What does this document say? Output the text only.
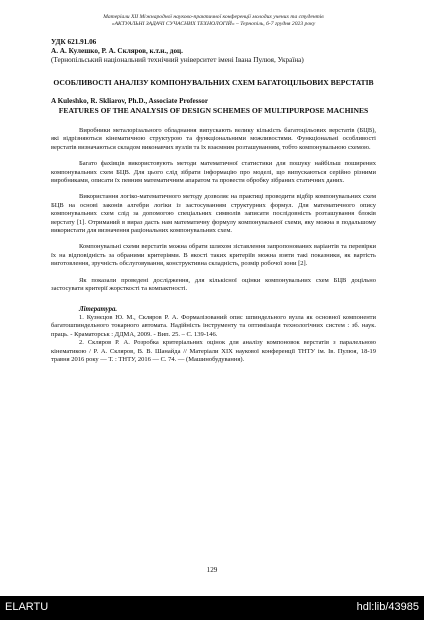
Матеріали XII Міжнародної науково-практичної конференції молодих учених та студентів
«АКТУАЛЬНІ ЗАДАЧІ СУЧАСНИХ ТЕХНОЛОГІЙ» – Тернопіль, 6-7 грудня 2023 року
УДК 621.91.06
А. А. Кулешко, Р. А. Скляров, к.т.н., доц.
(Тернопільський національний технічний університет імені Івана Пулюя, Україна)
ОСОБЛИВОСТІ АНАЛІЗУ КОМПОНУВАЛЬНИХ СХЕМ БАГАТОЦІЛЬОВИХ ВЕРСТАТІВ
A Kuleshko, R. Skliarov, Ph.D., Associate Professor
FEATURES OF THE ANALYSIS OF DESIGN SCHEMES OF MULTIPURPOSE MACHINES

Виробники металорізального обладнання випускають велику кількість багатоцільових верстатів (БЦВ), які відрізняються кінематичною структурою та функціональними можливостями. Функціональні особливості верстатів визначаються складом виконавчих вузлів та їх взаємним розташуванням, тобто компонувальною схемою.

Багато фахівців використовують методи математичної статистики для пошуку найбільш поширених компонувальних схем БЦВ. Для цього слід зібрати інформацію про моделі, що випускаються серійно різними виробниками, описати їх певним математичним апаратом та провести обробку зібраних статичних даних.

Використання логіко-математичного методу дозволяє на практиці проводити відбір компонувальних схем БЦВ на основі законів алгебри логіки із застосуванням структурних формул. Для математичного опису компонувальних схем слід за допомогою спеціальних символів записати послідовність розташування блоків верстату [1]. Отриманий в вираз дасть нам математичну формулу компонувальної схеми, яку можна в подальшому використати для визначення раціональних компонувальних схем.

Компонувальні схеми верстатів можна обрати шляхом зіставлення запропонованих варіантів та перевірки їх на відповідність за обраними критеріями. В якості таких критеріїв можна взяти такі показники, як вартість виготовлення, зручність обслуговування, конструктивна складність, розмір робочої зони [2].

Як показали проведені дослідження, для кількісної оцінки компонувальних схем БЦВ доцільно застосувати критерії жорсткості та компактності.

Література.

1. Кузнєцов Ю. М., Скляров Р. А. Формалізований опис шпиндельного вузла як основної компоненти багатошпиндельного токарного автомата. Надійність інструменту та оптимізація технологічних систем : зб. наук. праць. - Краматорськ : ДДМА, 2009. - Вип. 25. – С. 139-146.

2. Скляров Р. А. Розробка критеріальних оцінок для аналізу компоновок верстатів з паралельною кінематикою / Р. А. Скляров, В. В. Шанайда // Матеріали XIX наукової конференції ТНТУ ім. Ів. Пулюя, 18-19 травня 2016 року — Т. : ТНТУ, 2016 — С. 74. — (Машинобудування).

129
ELARTU	hdl:lib/43985
